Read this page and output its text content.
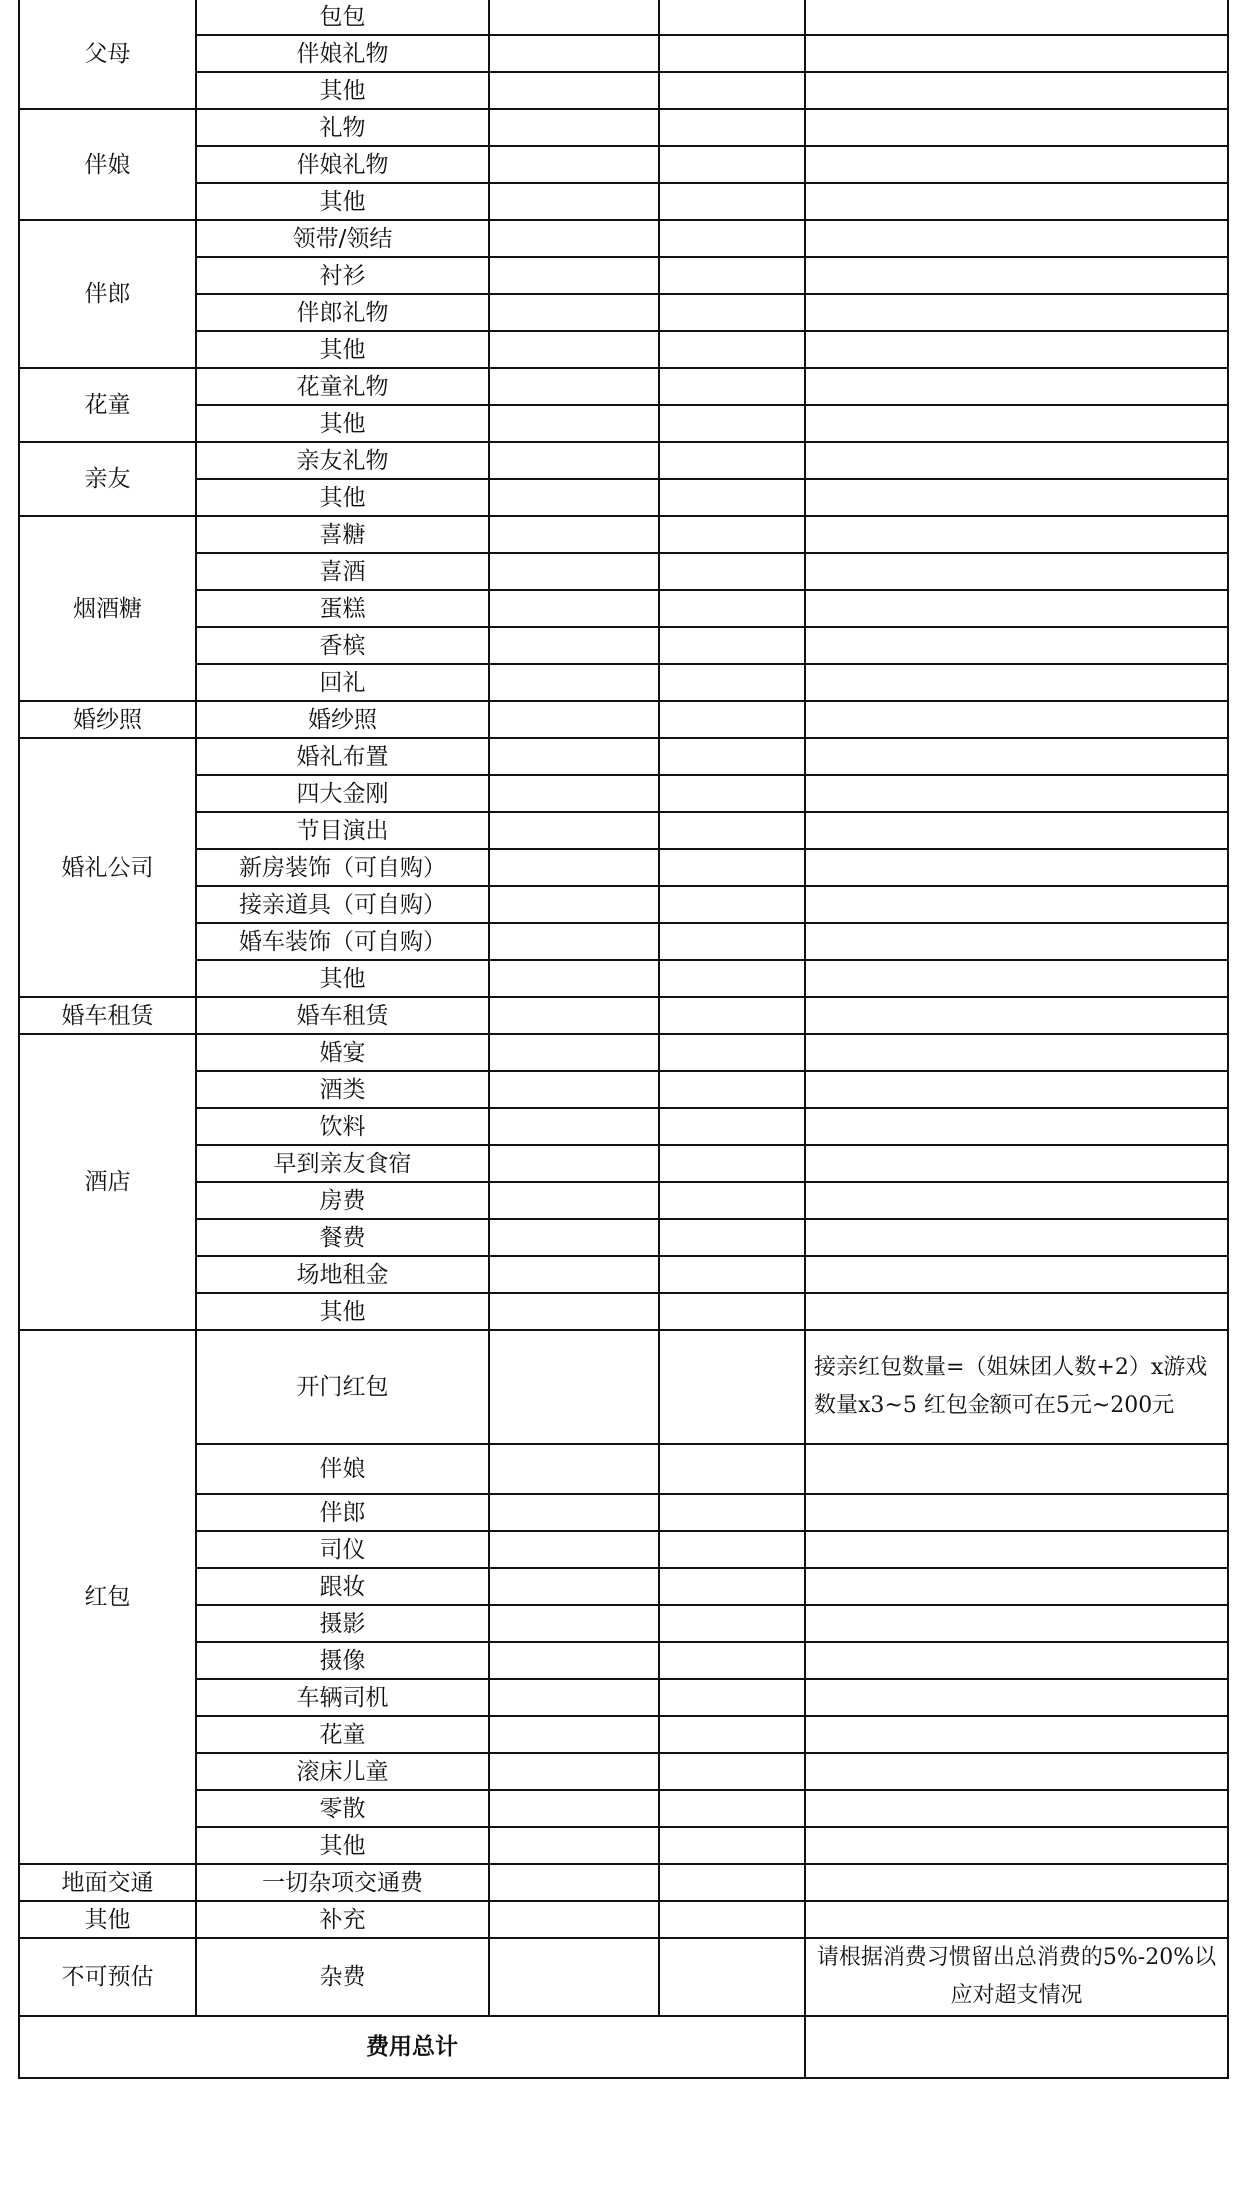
父母	包包			
	伴娘礼物			
	其他			
伴娘	礼物			
	伴娘礼物			
	其他			
伴郎	领带/领结			
	衬衫			
	伴郎礼物			
	其他			
花童	花童礼物			
	其他			
亲友	亲友礼物			
	其他			
烟酒糖	喜糖			
	喜酒			
	蛋糕			
	香槟			
	回礼			
婚纱照	婚纱照			
婚礼公司	婚礼布置			
	四大金刚			
	节目演出			
	新房装饰（可自购）			
	接亲道具（可自购）			
	婚车装饰（可自购）			
	其他			
婚车租赁	婚车租赁			
酒店	婚宴			
	酒类			
	饮料			
	早到亲友食宿			
	房费			
	餐费			
	场地租金			
	其他			
红包	开门红包			接亲红包数量=（姐妹团人数+2）x游戏数量x3~5 红包金额可在5元~200元
	伴娘			
	伴郎			
	司仪			
	跟妆			
	摄影			
	摄像			
	车辆司机			
	花童			
	滚床儿童			
	零散			
	其他			
地面交通	一切杂项交通费			
其他	补充			
不可预估	杂费			请根据消费习惯留出总消费的5%-20%以应对超支情况
费用总计				
